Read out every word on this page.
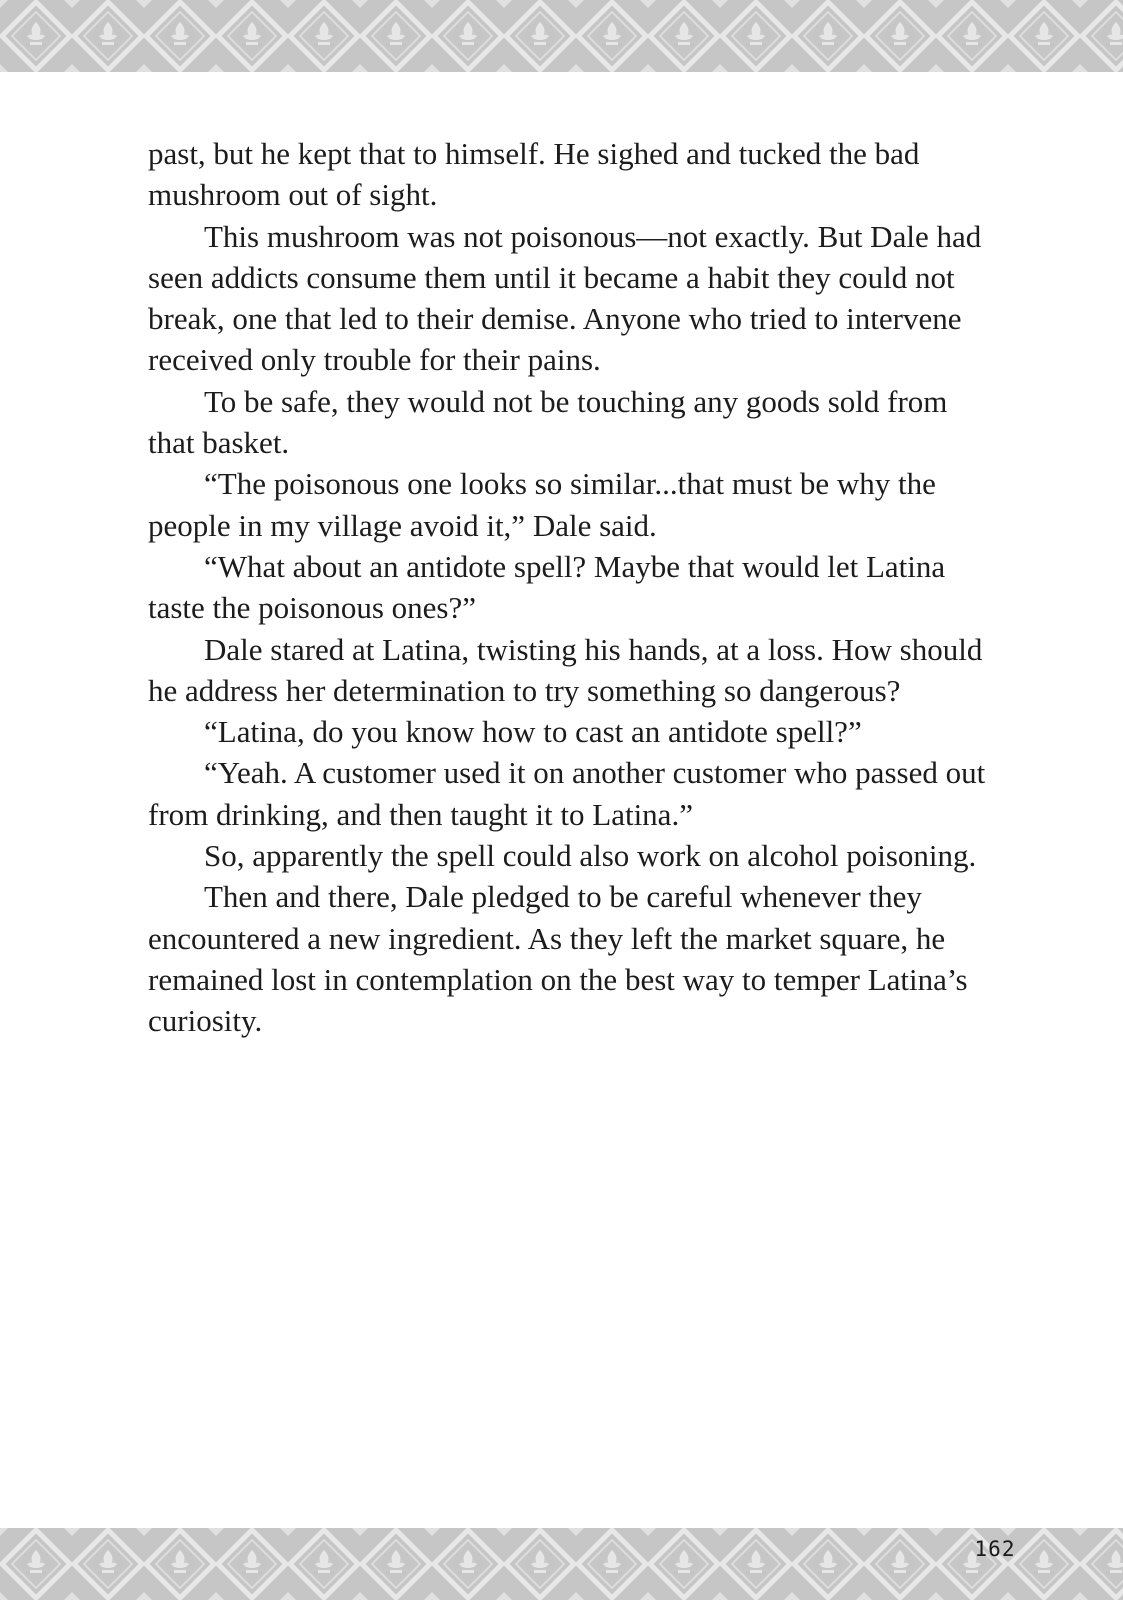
past, but he kept that to himself. He sighed and tucked the bad
mushroom out of sight.
This mushroom was not poisonous—not exactly. But Dale had
seen addicts consume them until it became a habit they could not
break, one that led to their demise. Anyone who tried to intervene
received only trouble for their pains.
To be safe, they would not be touching any goods sold from
that basket.
“The poisonous one looks so similar...that must be why the
people in my village avoid it,” Dale said.
“What about an antidote spell? Maybe that would let Latina
taste the poisonous ones?”
Dale stared at Latina, twisting his hands, at a loss. How should
he address her determination to try something so dangerous?
“Latina, do you know how to cast an antidote spell?”
“Yeah. A customer used it on another customer who passed out
from drinking, and then taught it to Latina.”
So, apparently the spell could also work on alcohol poisoning.
Then and there, Dale pledged to be careful whenever they
encountered a new ingredient. As they left the market square, he
remained lost in contemplation on the best way to temper Latina’s
curiosity.
162
